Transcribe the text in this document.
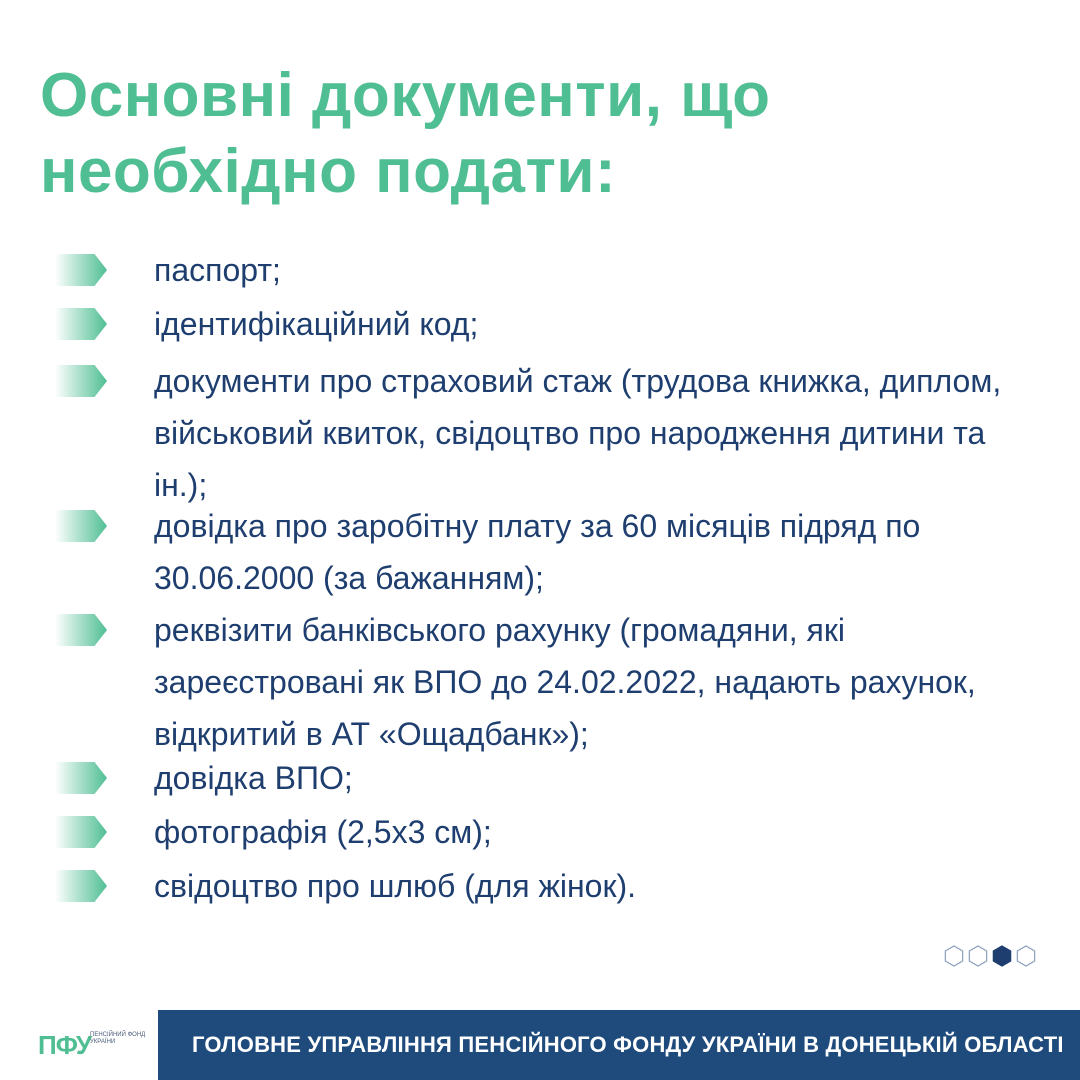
Основні документи, що необхідно подати:
паспорт;
ідентифікаційний код;
документи про страховий стаж (трудова книжка, диплом, військовий квиток, свідоцтво про народження дитини та ін.);
довідка про заробітну плату за 60 місяців підряд по 30.06.2000 (за бажанням);
реквізити банківського рахунку (громадяни, які зареєстровані як ВПО до 24.02.2022, надають рахунок, відкритий в АТ «Ощадбанк»);
довідка ВПО;
фотографія (2,5х3 см);
свідоцтво про шлюб (для жінок).
ПФУ
ПЕНСІЙНИЙ ФОНД УКРАЇНИ	ГОЛОВНЕ УПРАВЛІННЯ ПЕНСІЙНОГО ФОНДУ УКРАЇНИ В ДОНЕЦЬКІЙ ОБЛАСТІ
